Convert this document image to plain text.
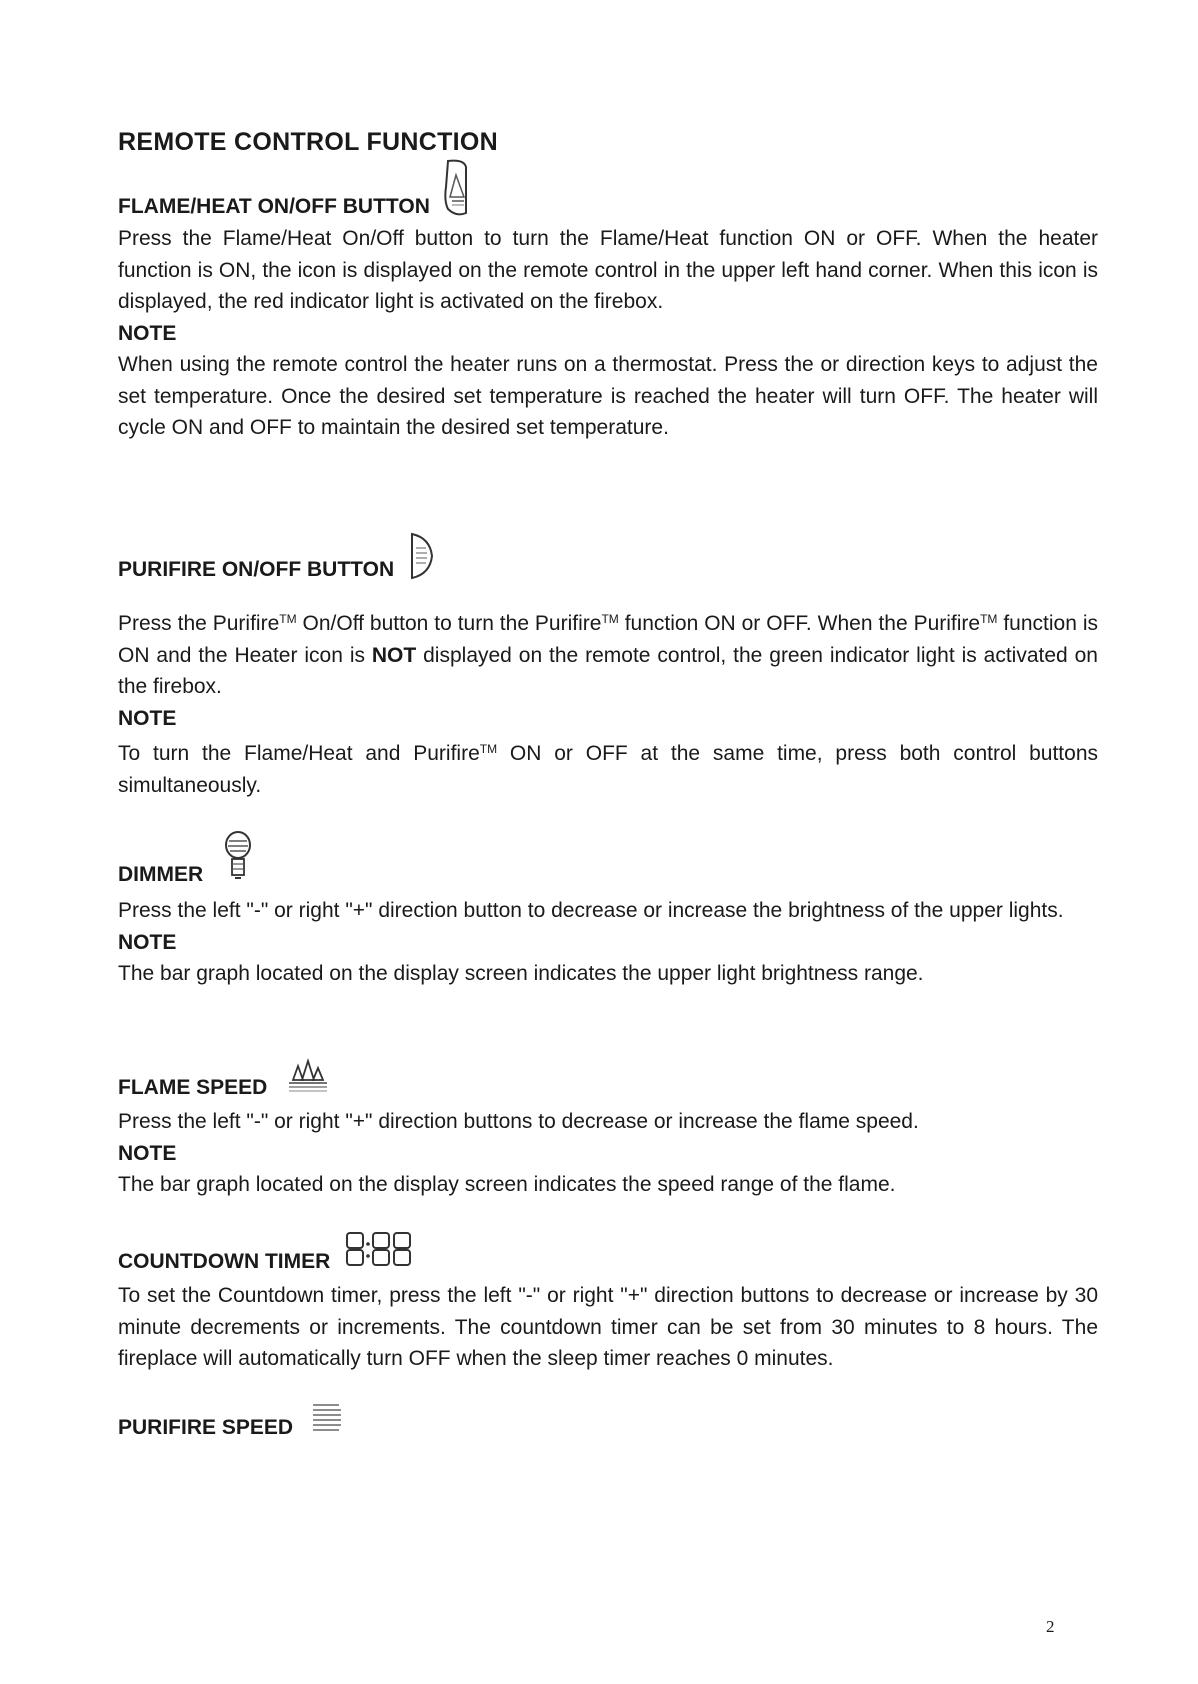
REMOTE CONTROL FUNCTION
FLAME/HEAT ON/OFF BUTTON

Press the Flame/Heat On/Off button to turn the Flame/Heat function ON or OFF. When the heater function is ON, the icon is displayed on the remote control in the upper left hand corner. When this icon is displayed, the red indicator light is activated on the firebox.

NOTE

When using the remote control the heater runs on a thermostat. Press the or direction keys to adjust the set temperature. Once the desired set temperature is reached the heater will turn OFF. The heater will cycle ON and OFF to maintain the desired set temperature.

PURIFIRE ON/OFF BUTTON

Press the Purifire™ On/Off button to turn the Purifire™ function ON or OFF. When the Purifire™ function is ON and the Heater icon is NOT displayed on the remote control, the green indicator light is activated on the firebox.

NOTE

To turn the Flame/Heat and Purifire™ ON or OFF at the same time, press both control buttons simultaneously.

DIMMER

Press the left "-" or right "+" direction button to decrease or increase the brightness of the upper lights.

NOTE

The bar graph located on the display screen indicates the upper light brightness range.

FLAME SPEED

Press the left "-" or right "+" direction buttons to decrease or increase the flame speed.

NOTE

The bar graph located on the display screen indicates the speed range of the flame.

COUNTDOWN TIMER

To set the Countdown timer, press the left "-" or right "+" direction buttons to decrease or increase by 30 minute decrements or increments. The countdown timer can be set from 30 minutes to 8 hours. The fireplace will automatically turn OFF when the sleep timer reaches 0 minutes.

PURIFIRE SPEED
2
